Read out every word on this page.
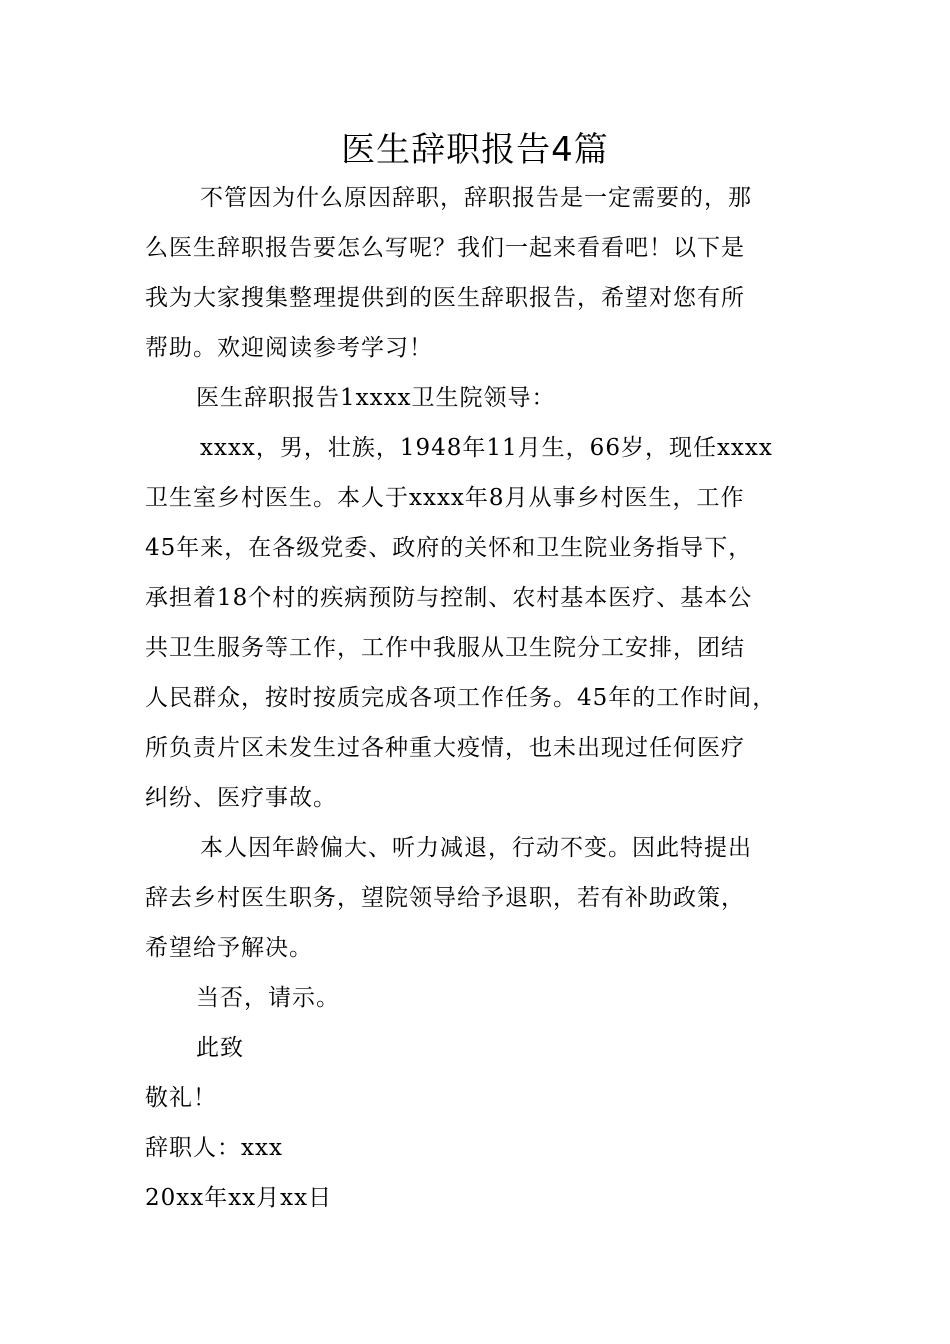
医生辞职报告4篇
不管因为什么原因辞职，辞职报告是一定需要的，那
么医生辞职报告要怎么写呢？我们一起来看看吧！以下是
我为大家搜集整理提供到的医生辞职报告，希望对您有所
帮助。欢迎阅读参考学习！
医生辞职报告1xxxx卫生院领导：
xxxx，男，壮族，1948年11月生，66岁，现任xxxx
卫生室乡村医生。本人于xxxx年8月从事乡村医生，工作
45年来，在各级党委、政府的关怀和卫生院业务指导下，
承担着18个村的疾病预防与控制、农村基本医疗、基本公
共卫生服务等工作，工作中我服从卫生院分工安排，团结
人民群众，按时按质完成各项工作任务。45年的工作时间，
所负责片区未发生过各种重大疫情，也未出现过任何医疗
纠纷、医疗事故。
本人因年龄偏大、听力减退，行动不变。因此特提出
辞去乡村医生职务，望院领导给予退职，若有补助政策，
希望给予解决。
当否，请示。
此致
敬礼！
辞职人：xxx
20xx年xx月xx日
